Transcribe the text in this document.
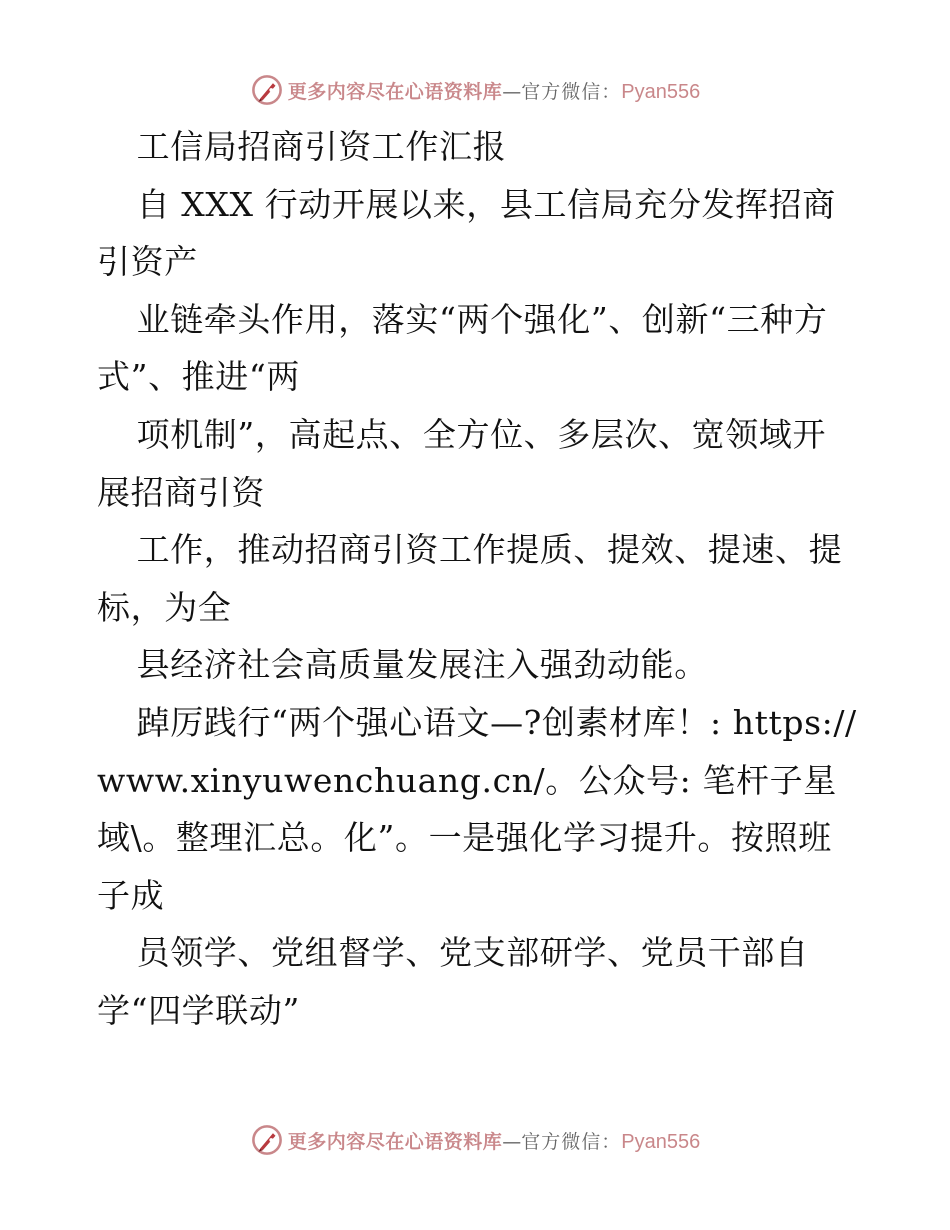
更多内容尽在心语资料库 — 官方微信： Pyan556

工信局招商引资工作汇报

自 XXX 行动开展以来，县工信局充分发挥招商引资产

业链牵头作用，落实“两个强化”、创新“三种方式”、推进“两

项机制”，高起点、全方位、多层次、宽领域开展招商引资

工作，推动招商引资工作提质、提效、提速、提标，为全

县经济社会高质量发展注入强劲动能。

踔厉践行“两个强心语文—?创素材库！: https://www.xinyuwenchuang.cn/。公众号: 笔杆子星域\。整理汇总。化”。一是强化学习提升。按照班子成

员领学、党组督学、党支部研学、党员干部自学“四学联动”

更多内容尽在心语资料库 — 官方微信： Pyan556
